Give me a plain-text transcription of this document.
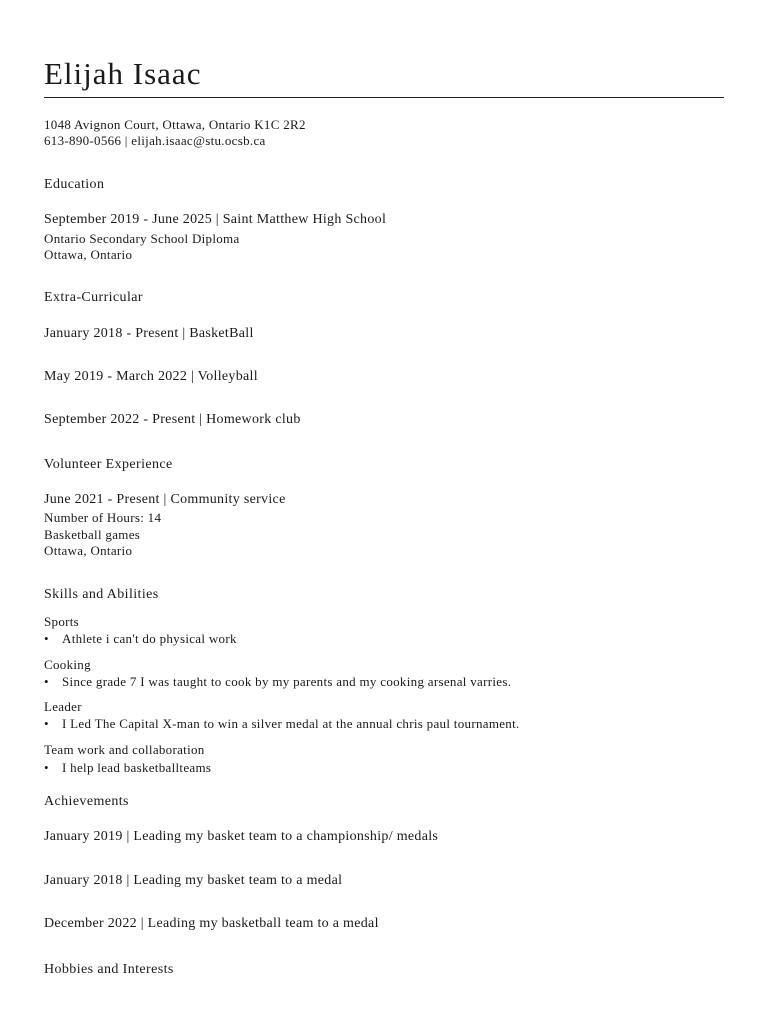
Elijah Isaac
1048 Avignon Court, Ottawa, Ontario K1C 2R2
613-890-0566 | elijah.isaac@stu.ocsb.ca
Education
September 2019 - June 2025 | Saint Matthew High School
Ontario Secondary School Diploma
Ottawa, Ontario
Extra-Curricular
January 2018 - Present | BasketBall
May 2019 - March 2022 | Volleyball
September 2022 - Present | Homework club
Volunteer Experience
June 2021 - Present | Community service
Number of Hours: 14
Basketball games
Ottawa, Ontario
Skills and Abilities
Sports
• Athlete i can't do physical work
Cooking
• Since grade 7 I was taught to cook by my parents and my cooking arsenal varries.
Leader
• I Led The Capital X-man to win a silver medal at the annual chris paul tournament.
Team work and collaboration
• I help lead basketballteams
Achievements
January 2019 | Leading my basket team to a championship/ medals
January 2018 | Leading my basket team to a medal
December 2022 | Leading my basketball team to a medal
Hobbies and Interests
